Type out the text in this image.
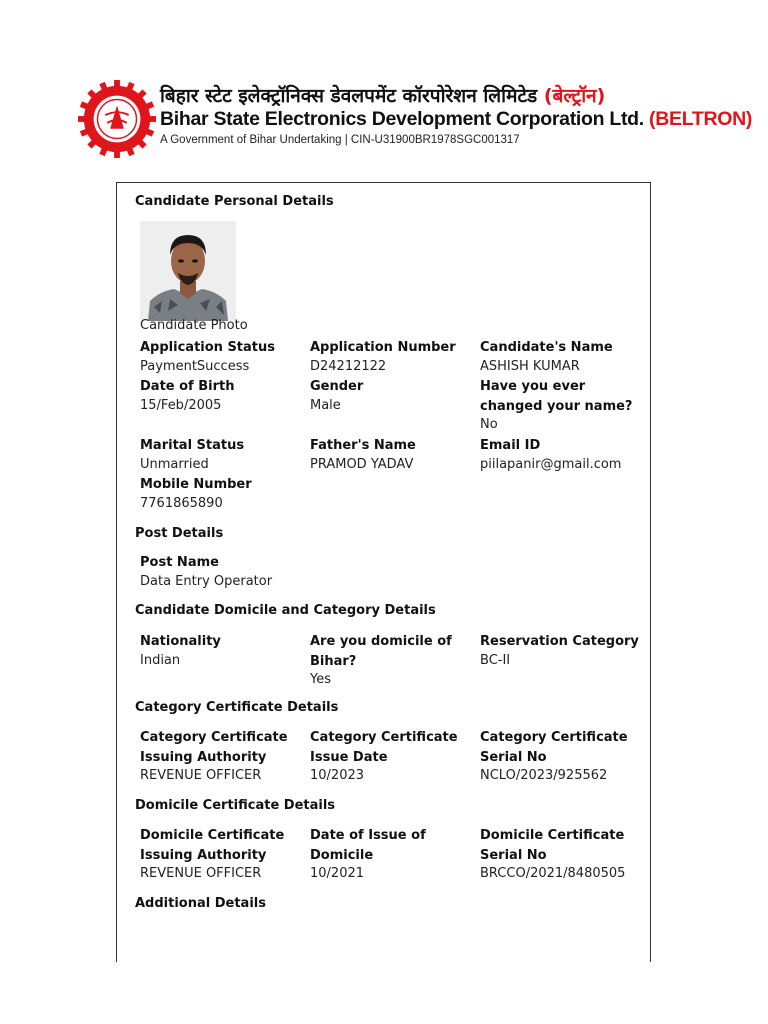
बिहार स्टेट इलेक्ट्रॉनिक्स डेवलपमेंट कॉरपोरेशन लिमिटेड (बेल्ट्रॉन)
Bihar State Electronics Development Corporation Ltd. (BELTRON)
A Government of Bihar Undertaking | CIN-U31900BR1978SGC001317
Candidate Personal Details
Candidate Photo
Application Status
PaymentSuccess
Application Number
D24212122
Candidate's Name
ASHISH KUMAR
Date of Birth
15/Feb/2005
Gender
Male
Have you ever changed your name?
No
Marital Status
Unmarried
Father's Name
PRAMOD YADAV
Email ID
piilapanir@gmail.com
Mobile Number
7761865890
Post Details
Post Name
Data Entry Operator
Candidate Domicile and Category Details
Nationality
Indian
Are you domicile of Bihar?
Yes
Reservation Category
BC-II
Category Certificate Details
Category Certificate Issuing Authority
REVENUE OFFICER
Category Certificate Issue Date
10/2023
Category Certificate Serial No
NCLO/2023/925562
Domicile Certificate Details
Domicile Certificate Issuing Authority
REVENUE OFFICER
Date of Issue of Domicile
10/2021
Domicile Certificate Serial No
BRCCO/2021/8480505
Additional Details
